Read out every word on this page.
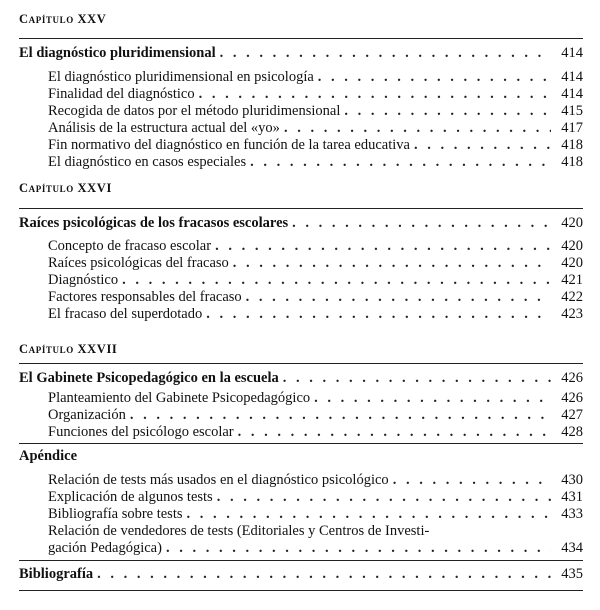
Capítulo XXV
El diagnóstico pluridimensional . . .	414
El diagnóstico pluridimensional en psicología . . .	414
Finalidad del diagnóstico . . .	414
Recogida de datos por el método pluridimensional . . .	415
Análisis de la estructura actual del «yo» . . .	417
Fin normativo del diagnóstico en función de la tarea educativa . . .	418
El diagnóstico en casos especiales . . .	418
Capítulo XXVI
Raíces psicológicas de los fracasos escolares . . .	420
Concepto de fracaso escolar . . .	420
Raíces psicológicas del fracaso . . .	420
Diagnóstico . . .	421
Factores responsables del fracaso . . .	422
El fracaso del superdotado . . .	423
Capítulo XXVII
El Gabinete Psicopedagógico en la escuela . . .	426
Planteamiento del Gabinete Psicopedagógico . . .	426
Organización . . .	427
Funciones del psicólogo escolar . . .	428
Apéndice
Relación de tests más usados en el diagnóstico psicológico . . .	430
Explicación de algunos tests . . .	431
Bibliografía sobre tests . . .	433
Relación de vendedores de tests (Editoriales y Centros de Investi-
gación Pedagógica) . . .	434
Bibliografía . . .	435
